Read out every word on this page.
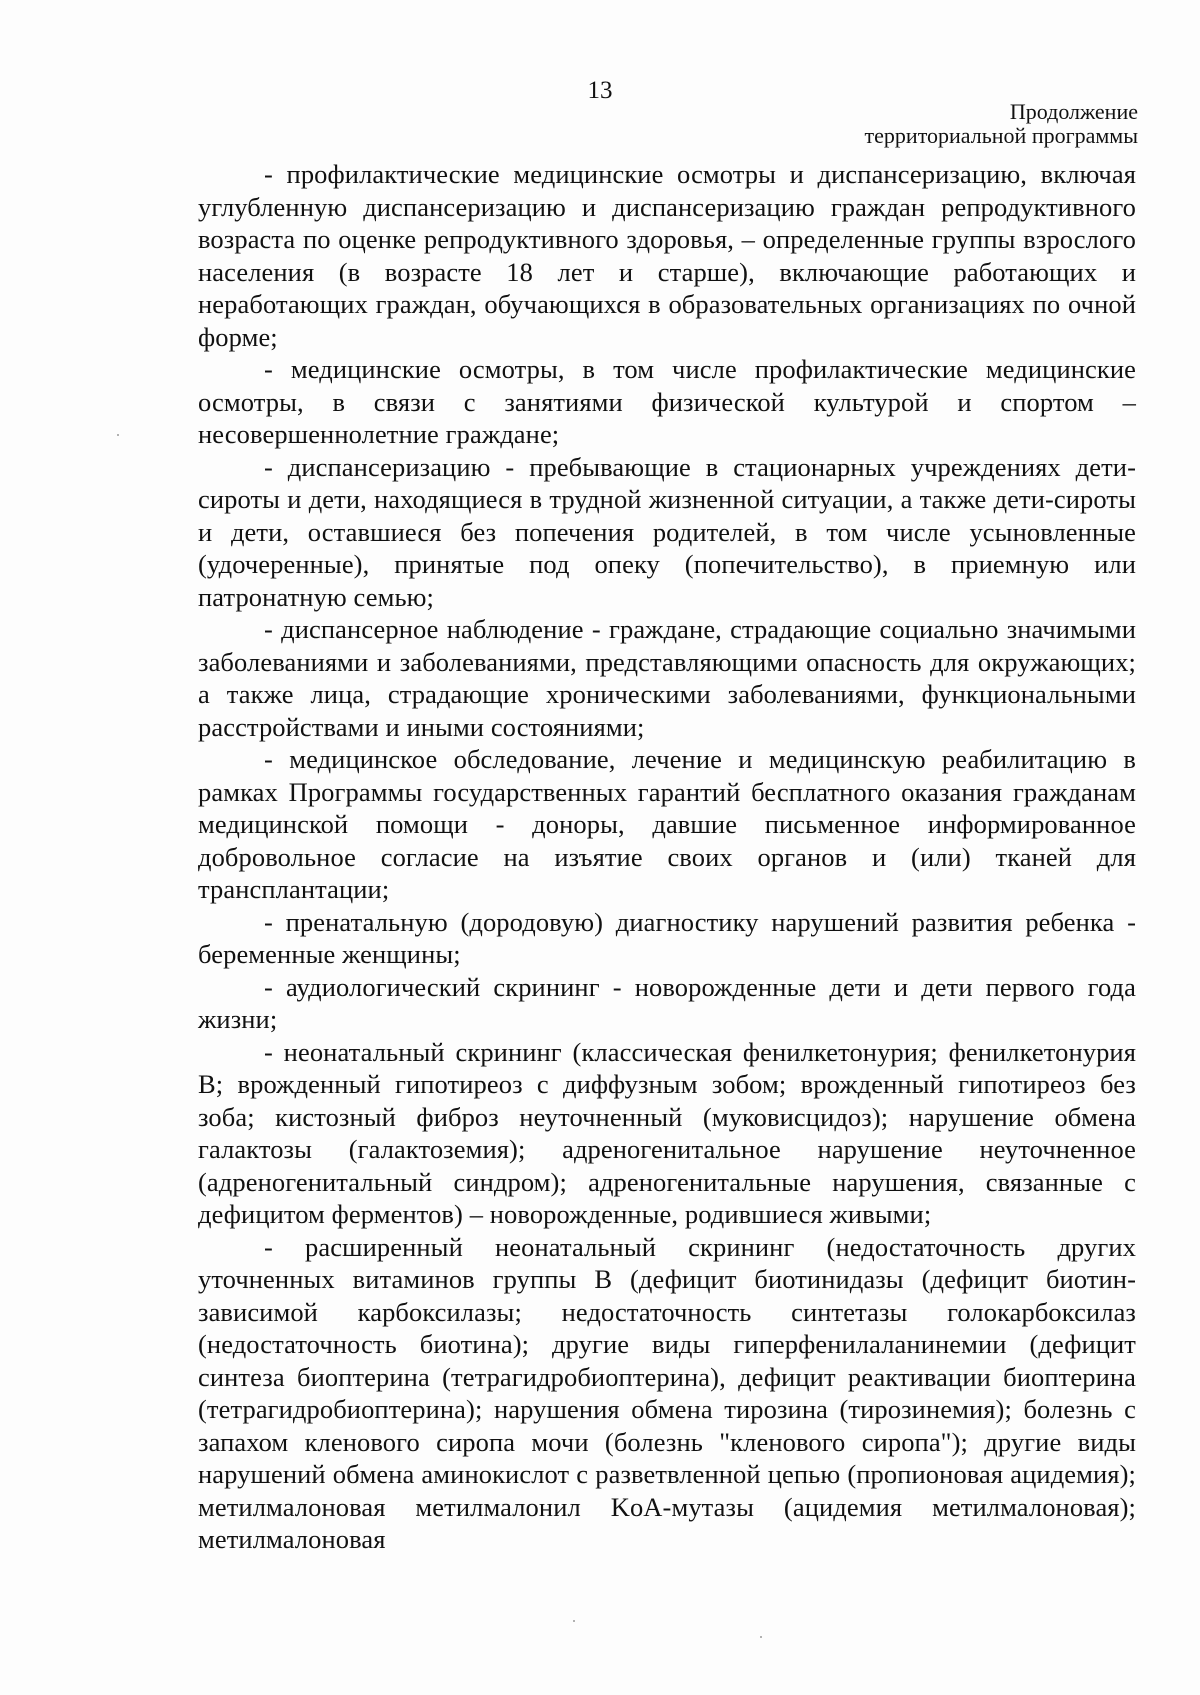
13
Продолжение
территориальной программы

- профилактические медицинские осмотры и диспансеризацию, включая углубленную диспансеризацию и диспансеризацию граждан репродуктивного возраста по оценке репродуктивного здоровья, – определенные группы взрослого населения (в возрасте 18 лет и старше), включающие работающих и неработающих граждан, обучающихся в образовательных организациях по очной форме;

- медицинские осмотры, в том числе профилактические медицинские осмотры, в связи с занятиями физической культурой и спортом – несовершеннолетние граждане;

- диспансеризацию - пребывающие в стационарных учреждениях дети-сироты и дети, находящиеся в трудной жизненной ситуации, а также дети-сироты и дети, оставшиеся без попечения родителей, в том числе усыновленные (удочеренные), принятые под опеку (попечительство), в приемную или патронатную семью;

- диспансерное наблюдение - граждане, страдающие социально значимыми заболеваниями и заболеваниями, представляющими опасность для окружающих; а также лица, страдающие хроническими заболеваниями, функциональными расстройствами и иными состояниями;

- медицинское обследование, лечение и медицинскую реабилитацию в рамках Программы государственных гарантий бесплатного оказания гражданам медицинской помощи - доноры, давшие письменное информированное добровольное согласие на изъятие своих органов и (или) тканей для трансплантации;

- пренатальную (дородовую) диагностику нарушений развития ребенка - беременные женщины;

- аудиологический скрининг - новорожденные дети и дети первого года жизни;

- неонатальный скрининг (классическая фенилкетонурия; фенилкетонурия B; врожденный гипотиреоз с диффузным зобом; врожденный гипотиреоз без зоба; кистозный фиброз неуточненный (муковисцидоз); нарушение обмена галактозы (галактоземия); адреногенитальное нарушение неуточненное (адреногенитальный синдром); адреногенитальные нарушения, связанные с дефицитом ферментов) – новорожденные, родившиеся живыми;

- расширенный неонатальный скрининг (недостаточность других уточненных витаминов группы B (дефицит биотинидазы (дефицит биотин-зависимой карбоксилазы; недостаточность синтетазы голокарбоксилаз (недостаточность биотина); другие виды гиперфенилаланинемии (дефицит синтеза биоптерина (тетрагидробиоптерина), дефицит реактивации биоптерина (тетрагидробиоптерина); нарушения обмена тирозина (тирозинемия); болезнь с запахом кленового сиропа мочи (болезнь "кленового сиропа"); другие виды нарушений обмена аминокислот с разветвленной цепью (пропионовая ацидемия); метилмалоновая метилмалонил KoA-мутазы (ацидемия метилмалоновая); метилмалоновая
